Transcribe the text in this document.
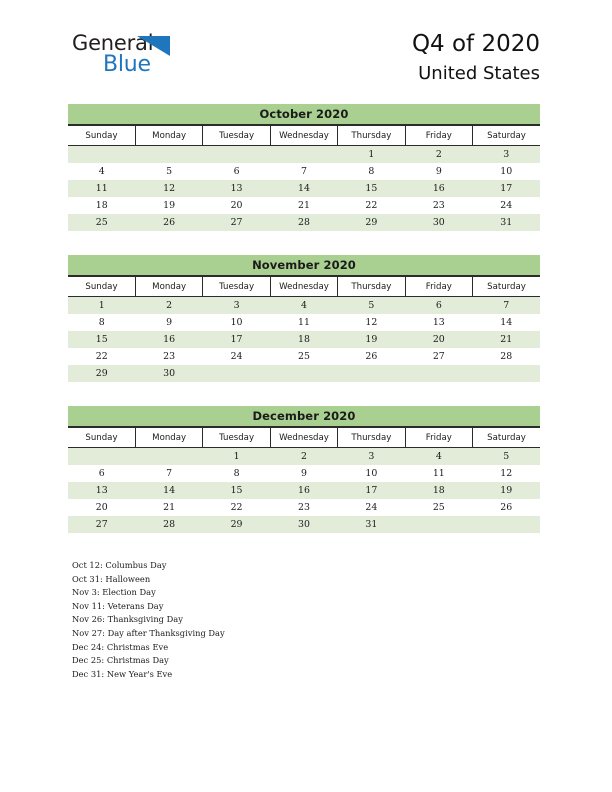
General
Blue
Q4 of 2020
United States
October 2020
Sunday	Monday	Tuesday	Wednesday	Thursday	Friday	Saturday

				1	2	3
4	5	6	7	8	9	10
11	12	13	14	15	16	17
18	19	20	21	22	23	24
25	26	27	28	29	30	31
November 2020
Sunday	Monday	Tuesday	Wednesday	Thursday	Friday	Saturday

1	2	3	4	5	6	7
8	9	10	11	12	13	14
15	16	17	18	19	20	21
22	23	24	25	26	27	28
29	30					
December 2020
Sunday	Monday	Tuesday	Wednesday	Thursday	Friday	Saturday

		1	2	3	4	5
6	7	8	9	10	11	12
13	14	15	16	17	18	19
20	21	22	23	24	25	26
27	28	29	30	31		
Oct 12: Columbus Day
Oct 31: Halloween
Nov 3: Election Day
Nov 11: Veterans Day
Nov 26: Thanksgiving Day
Nov 27: Day after Thanksgiving Day
Dec 24: Christmas Eve
Dec 25: Christmas Day
Dec 31: New Year's Eve
